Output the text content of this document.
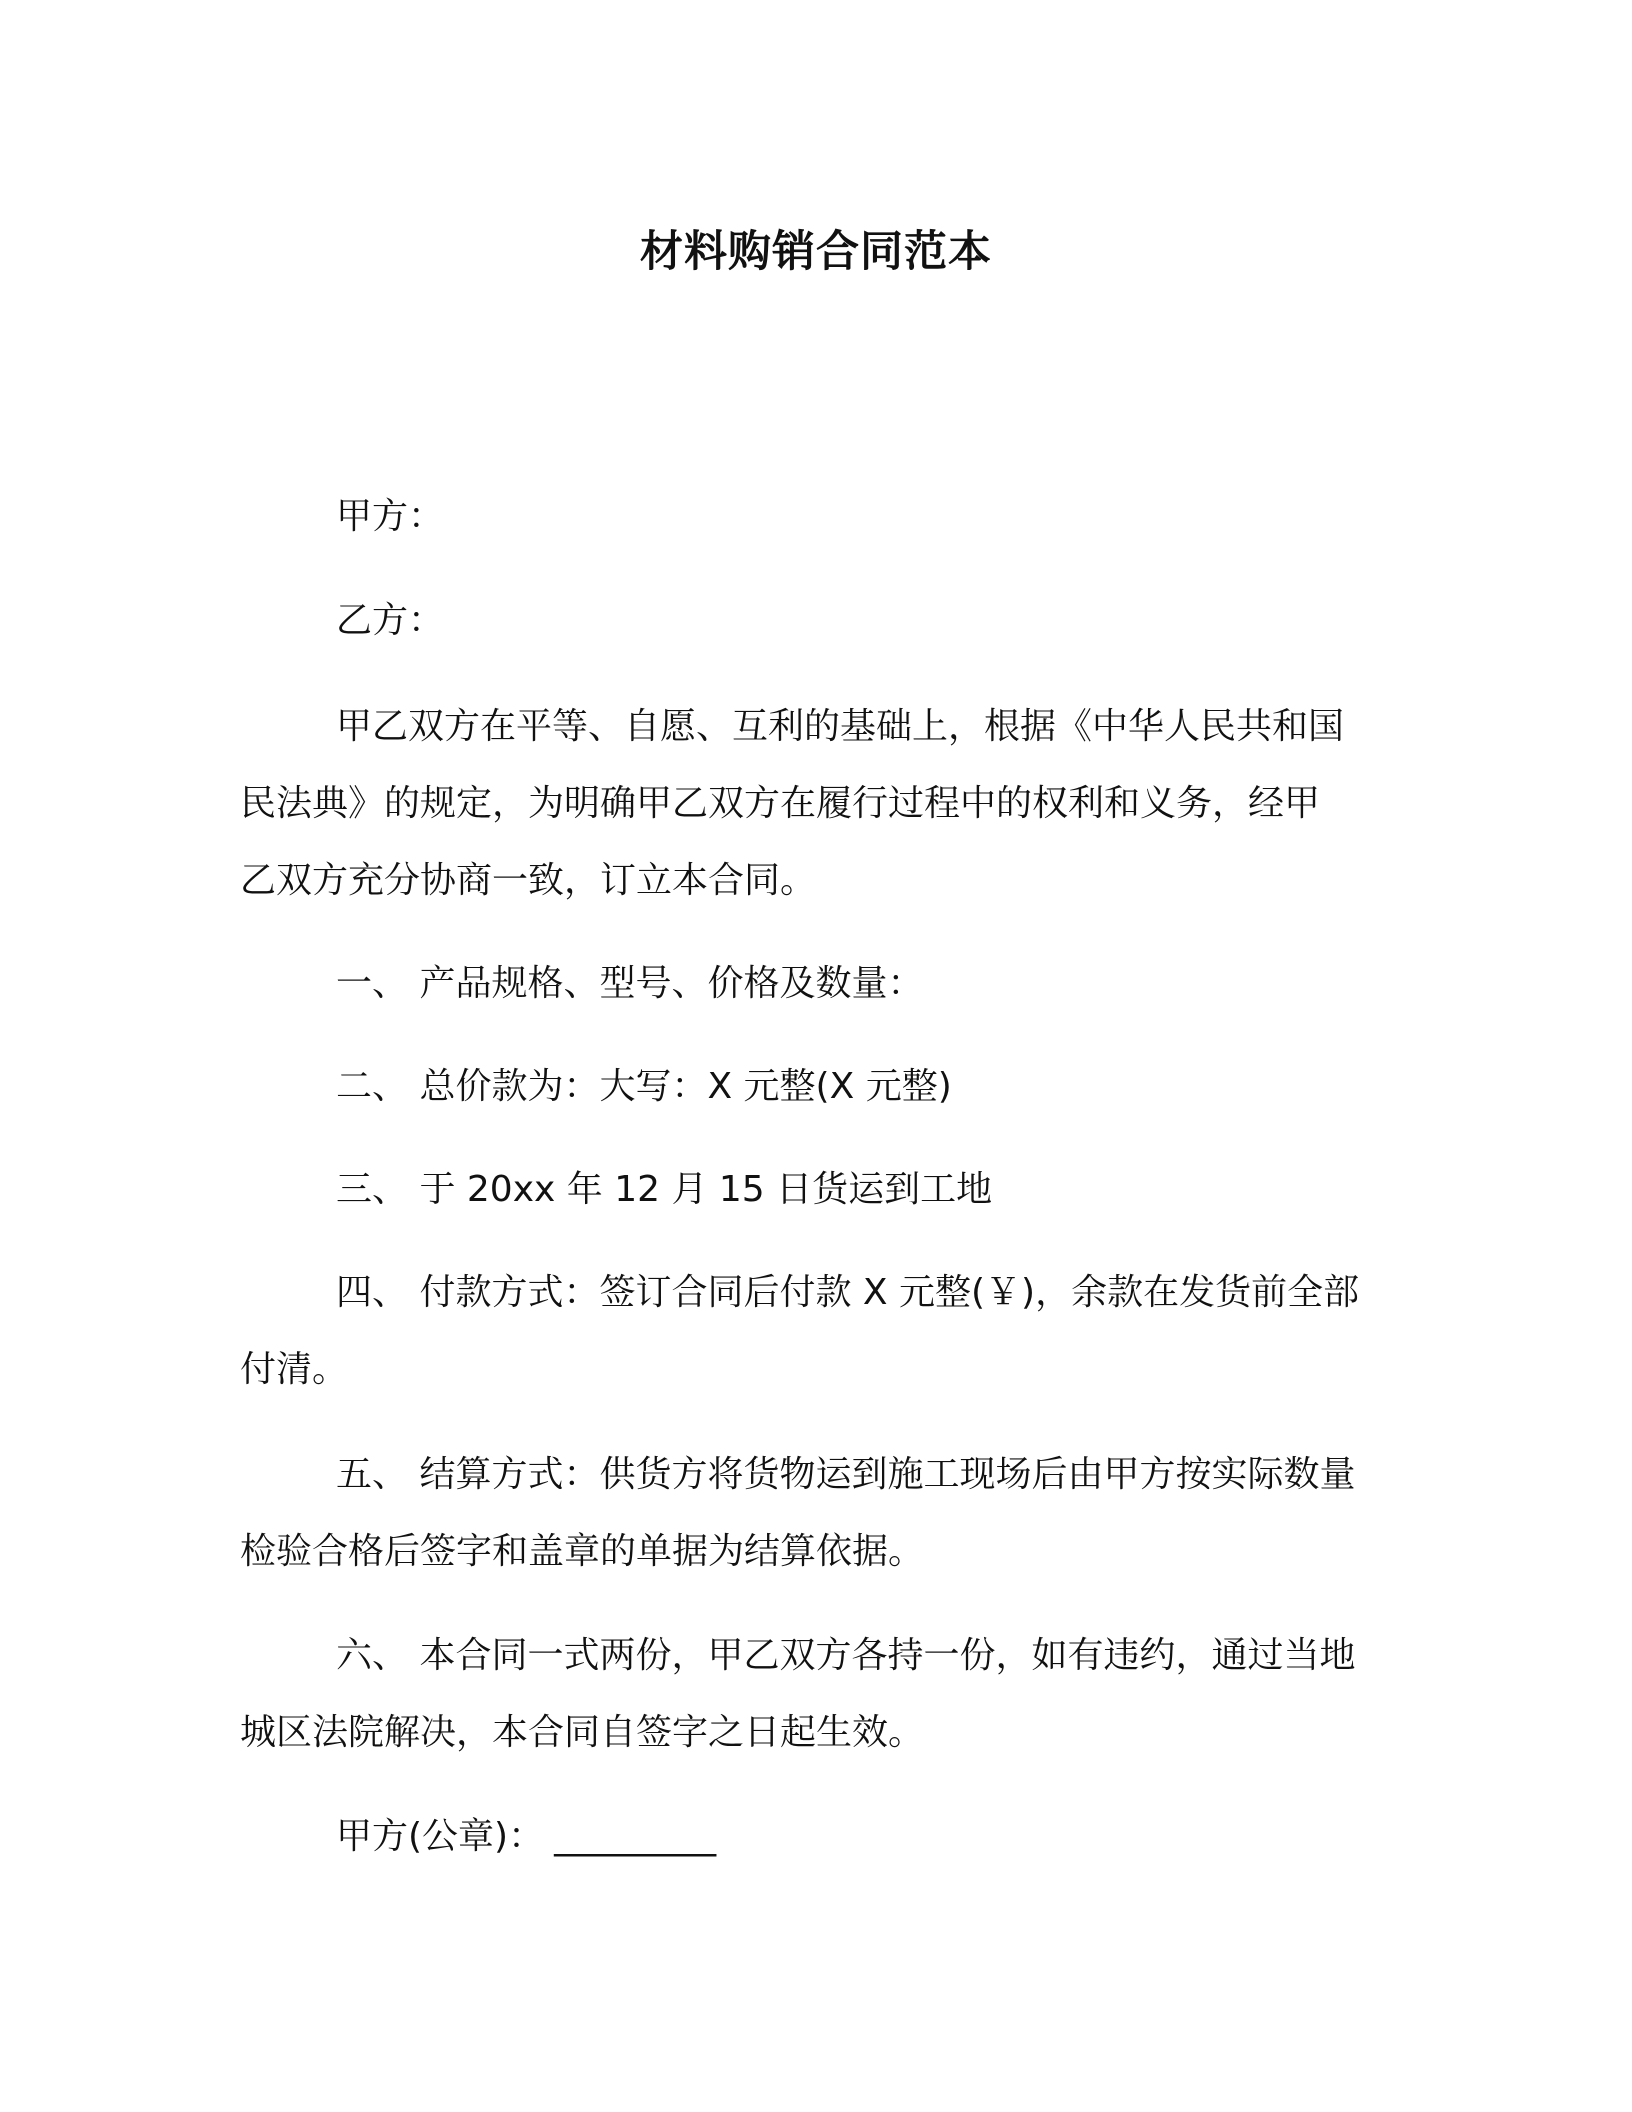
材料购销合同范本

甲方：

乙方：

甲乙双方在平等、自愿、互利的基础上，根据《中华人民共和国
民法典》的规定，为明确甲乙双方在履行过程中的权利和义务，经甲
乙双方充分协商一致，订立本合同。
一、 产品规格、型号、价格及数量：
二、 总价款为：大写：X 元整(X 元整)
三、 于 20xx 年 12 月 15 日货运到工地
四、 付款方式：签订合同后付款 X 元整(￥)，余款在发货前全部
付清。
五、 结算方式：供货方将货物运到施工现场后由甲方按实际数量
检验合格后签字和盖章的单据为结算依据。
六、 本合同一式两份，甲乙双方各持一份，如有违约，通过当地
城区法院解决，本合同自签字之日起生效。

甲方(公章)： _________
